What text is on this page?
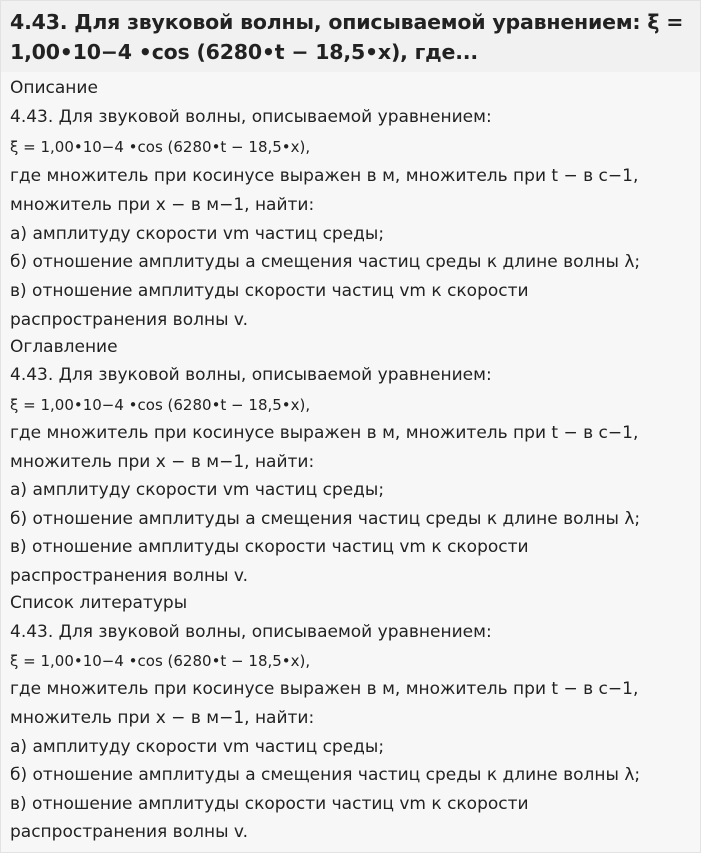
4.43. Для звуковой волны, описываемой уравнением: ξ = 1,00•10−4 •cos (6280•t − 18,5•x), где...

Описание

4.43. Для звуковой волны, описываемой уравнением:

ξ = 1,00•10−4 •cos (6280•t − 18,5•x),

где множитель при косинусе выражен в м, множитель при t − в с−1,

множитель при x − в м−1, найти:

а) амплитуду скорости vm частиц среды;

б) отношение амплитуды а смещения частиц среды к длине волны λ;

в) отношение амплитуды скорости частиц vm к скорости

распространения волны v.

Оглавление

4.43. Для звуковой волны, описываемой уравнением:

ξ = 1,00•10−4 •cos (6280•t − 18,5•x),

где множитель при косинусе выражен в м, множитель при t − в с−1,

множитель при x − в м−1, найти:

а) амплитуду скорости vm частиц среды;

б) отношение амплитуды а смещения частиц среды к длине волны λ;

в) отношение амплитуды скорости частиц vm к скорости

распространения волны v.

Список литературы

4.43. Для звуковой волны, описываемой уравнением:

ξ = 1,00•10−4 •cos (6280•t − 18,5•x),

где множитель при косинусе выражен в м, множитель при t − в с−1,

множитель при x − в м−1, найти:

а) амплитуду скорости vm частиц среды;

б) отношение амплитуды а смещения частиц среды к длине волны λ;

в) отношение амплитуды скорости частиц vm к скорости

распространения волны v.
